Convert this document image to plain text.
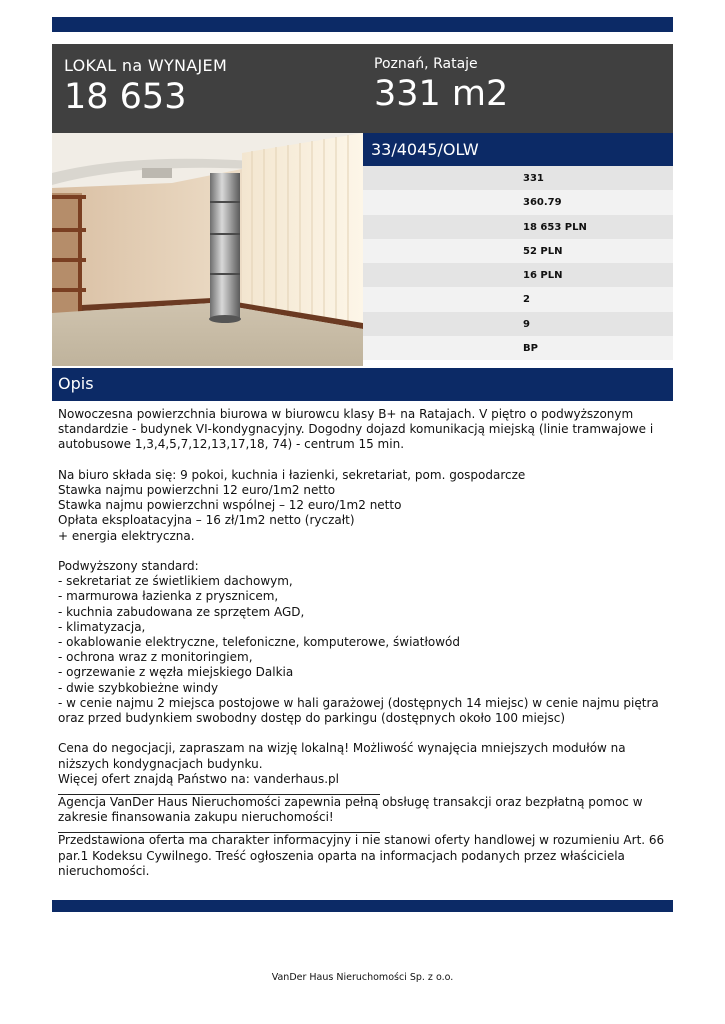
LOKAL na WYNAJEM
18 653
Poznań, Rataje
331 m2
33/4045/OLW
331
360.79
18 653 PLN
52 PLN
16 PLN
2
9
BP
Opis

Nowoczesna powierzchnia biurowa w biurowcu klasy B+ na Ratajach. V piętro o podwyższonym standardzie - budynek VI-kondygnacyjny. Dogodny dojazd komunikacją miejską (linie tramwajowe i autobusowe 1,3,4,5,7,12,13,17,18, 74) - centrum 15 min.

Na biuro składa się: 9 pokoi, kuchnia i łazienki, sekretariat, pom. gospodarcze
Stawka najmu powierzchni 12 euro/1m2 netto
Stawka najmu powierzchni wspólnej – 12 euro/1m2 netto
Opłata eksploatacyjna – 16 zł/1m2 netto (ryczałt)
+ energia elektryczna.

Podwyższony standard:
- sekretariat ze świetlikiem dachowym,
- marmurowa łazienka z prysznicem,
- kuchnia zabudowana ze sprzętem AGD,
- klimatyzacja,
- okablowanie elektryczne, telefoniczne, komputerowe, światłowód
- ochrona wraz z monitoringiem,
- ogrzewanie z węzła miejskiego Dalkia
- dwie szybkobieżne windy
- w cenie najmu 2 miejsca postojowe w hali garażowej (dostępnych 14 miejsc) w cenie najmu piętra oraz przed budynkiem swobodny dostęp do parkingu (dostępnych około 100 miejsc)

Cena do negocjacji, zapraszam na wizję lokalną! Możliwość wynajęcia mniejszych modułów na niższych kondygnacjach budynku.
Więcej ofert znajdą Państwo na: vanderhaus.pl

Agencja VanDer Haus Nieruchomości zapewnia pełną obsługę transakcji oraz bezpłatną pomoc w zakresie finansowania zakupu nieruchomości!

Przedstawiona oferta ma charakter informacyjny i nie stanowi oferty handlowej w rozumieniu Art. 66 par.1 Kodeksu Cywilnego. Treść ogłoszenia oparta na informacjach podanych przez właściciela nieruchomości.

VanDer Haus Nieruchomości Sp. z o.o.
